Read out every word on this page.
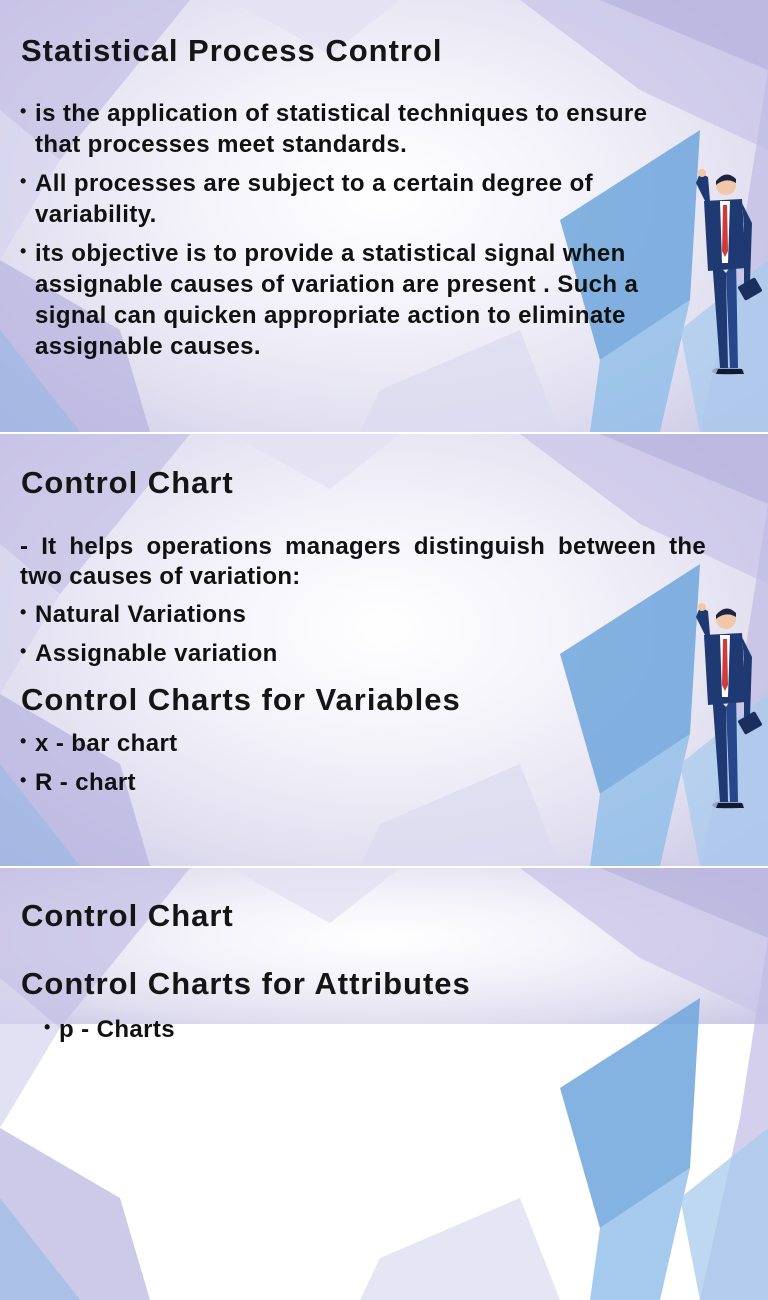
Statistical Process Control
• is the application of statistical techniques to ensure that processes meet standards.
• All processes are subject to a certain degree of variability.
• its objective is to provide a statistical signal when assignable causes of variation are present . Such a signal can quicken appropriate action to eliminate assignable causes.
Control Chart

- It helps operations managers distinguish between the two causes of variation:

• Natural Variations
• Assignable variation
Control Charts for Variables
• x - bar chart
• R - chart
Control Chart
Control Charts for Attributes
• p - Charts
